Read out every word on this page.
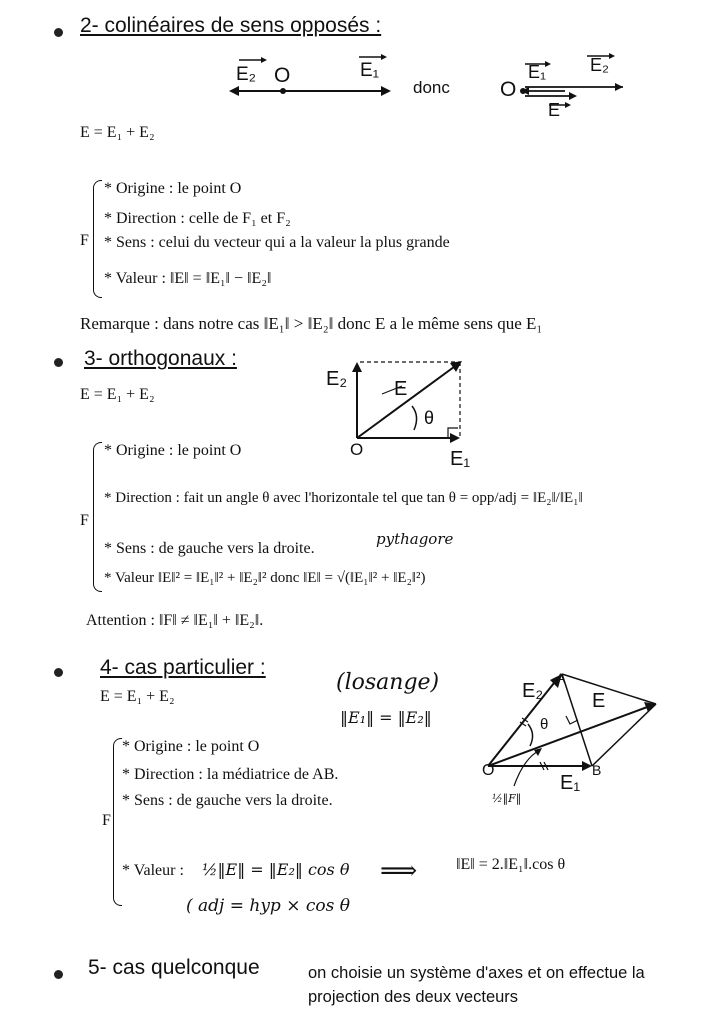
2- colinéaires de sens opposés :
E₂ O	E₁
donc O
E₁ E₂
E
E = E₁ + E₂
F
* Origine : le point O
* Direction : celle de F₁ et F₂
* Sens : celui du vecteur qui a la valeur la plus grande
* Valeur : ‖E‖ = ‖E₁‖ − ‖E₂‖
Remarque : dans notre cas ‖E₁‖ > ‖E₂‖ donc E a le même sens que E₁
3- orthogonaux :
E = E₁ + E₂
E₂ E
θ
O	E₁
F
* Origine : le point O
* Direction : fait un angle θ avec l'horizontale tel que tan θ = opp/adj = ‖E₂‖/‖E₁‖
* Sens : de gauche vers la droite.
pythagore
* Valeur ‖E‖² = ‖E₁‖² + ‖E₂‖² donc ‖E‖ = √(‖E₁‖² + ‖E₂‖²)
Attention : ‖F‖ ≠ ‖E₁‖ + ‖E₂‖.
4- cas particulier :
E = E₁ + E₂
(losange)
‖E₁‖ = ‖E₂‖
E₂
A
E
θ
O	B
E₁
½‖F‖
F
* Origine : le point O
* Direction : la médiatrice de AB.
* Sens : de gauche vers la droite.
* Valeur : ½‖E‖ = ‖E₂‖ cos θ ⟹ ‖E‖ = 2.‖E₁‖.cos θ
( adj = hyp × cos θ
5- cas quelconque	on choisie un système d'axes et on effectue la
projection des deux vecteurs
